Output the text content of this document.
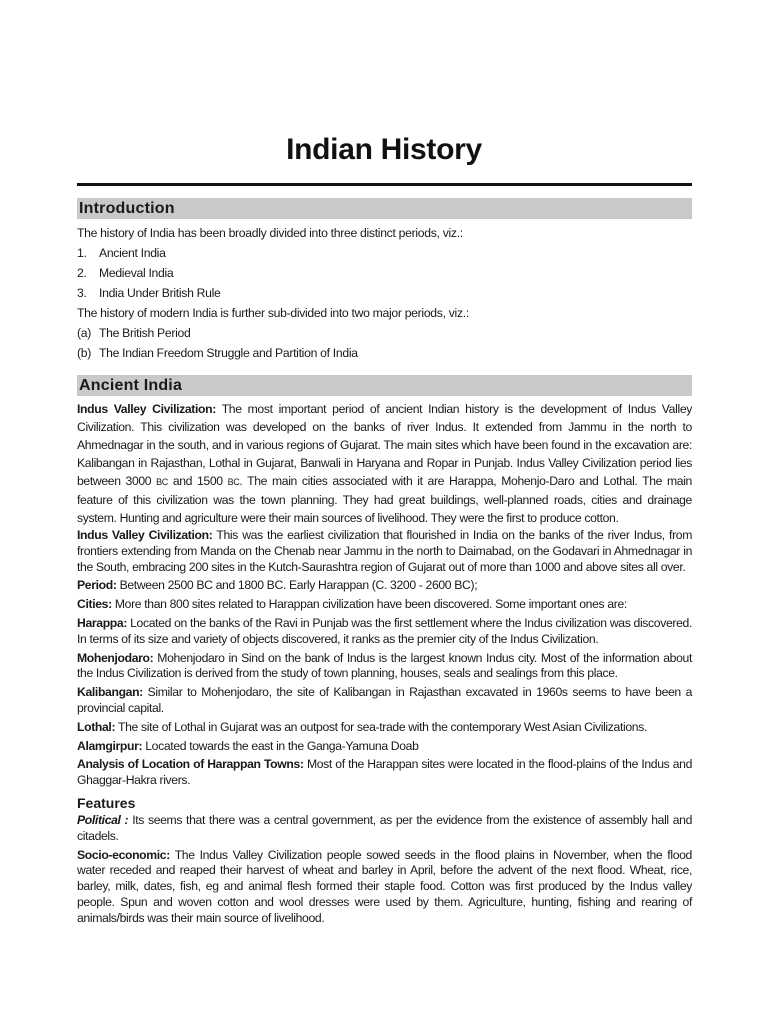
Indian History
Introduction
The history of India has been broadly divided into three distinct periods, viz.:
1. Ancient India
2. Medieval India
3. India Under British Rule
The history of modern India is further sub-divided into two major periods, viz.:
(a) The British Period
(b) The Indian Freedom Struggle and Partition of India
Ancient India
Indus Valley Civilization: The most important period of ancient Indian history is the development of Indus Valley Civilization. This civilization was developed on the banks of river Indus. It extended from Jammu in the north to Ahmednagar in the south, and in various regions of Gujarat. The main sites which have been found in the excavation are: Kalibangan in Rajasthan, Lothal in Gujarat, Banwali in Haryana and Ropar in Punjab. Indus Valley Civilization period lies between 3000 BC and 1500 BC. The main cities associated with it are Harappa, Mohenjo-Daro and Lothal. The main feature of this civilization was the town planning. They had great buildings, well-planned roads, cities and drainage system. Hunting and agriculture were their main sources of livelihood. They were the first to produce cotton.
Indus Valley Civilization: This was the earliest civilization that flourished in India on the banks of the river Indus, from frontiers extending from Manda on the Chenab near Jammu in the north to Daimabad, on the Godavari in Ahmednagar in the South, embracing 200 sites in the Kutch-Saurashtra region of Gujarat out of more than 1000 and above sites all over.
Period: Between 2500 BC and 1800 BC. Early Harappan (C. 3200 - 2600 BC);
Cities: More than 800 sites related to Harappan civilization have been discovered. Some important ones are:
Harappa: Located on the banks of the Ravi in Punjab was the first settlement where the Indus civilization was discovered. In terms of its size and variety of objects discovered, it ranks as the premier city of the Indus Civilization.
Mohenjodaro: Mohenjodaro in Sind on the bank of Indus is the largest known Indus city. Most of the information about the Indus Civilization is derived from the study of town planning, houses, seals and sealings from this place.
Kalibangan: Similar to Mohenjodaro, the site of Kalibangan in Rajasthan excavated in 1960s seems to have been a provincial capital.
Lothal: The site of Lothal in Gujarat was an outpost for sea-trade with the contemporary West Asian Civilizations.
Alamgirpur: Located towards the east in the Ganga-Yamuna Doab
Analysis of Location of Harappan Towns: Most of the Harappan sites were located in the flood-plains of the Indus and Ghaggar-Hakra rivers.
Features
Political : Its seems that there was a central government, as per the evidence from the existence of assembly hall and citadels.
Socio-economic: The Indus Valley Civilization people sowed seeds in the flood plains in November, when the flood water receded and reaped their harvest of wheat and barley in April, before the advent of the next flood. Wheat, rice, barley, milk, dates, fish, eg and animal flesh formed their staple food. Cotton was first produced by the Indus valley people. Spun and woven cotton and wool dresses were used by them. Agriculture, hunting, fishing and rearing of animals/birds was their main source of livelihood.
